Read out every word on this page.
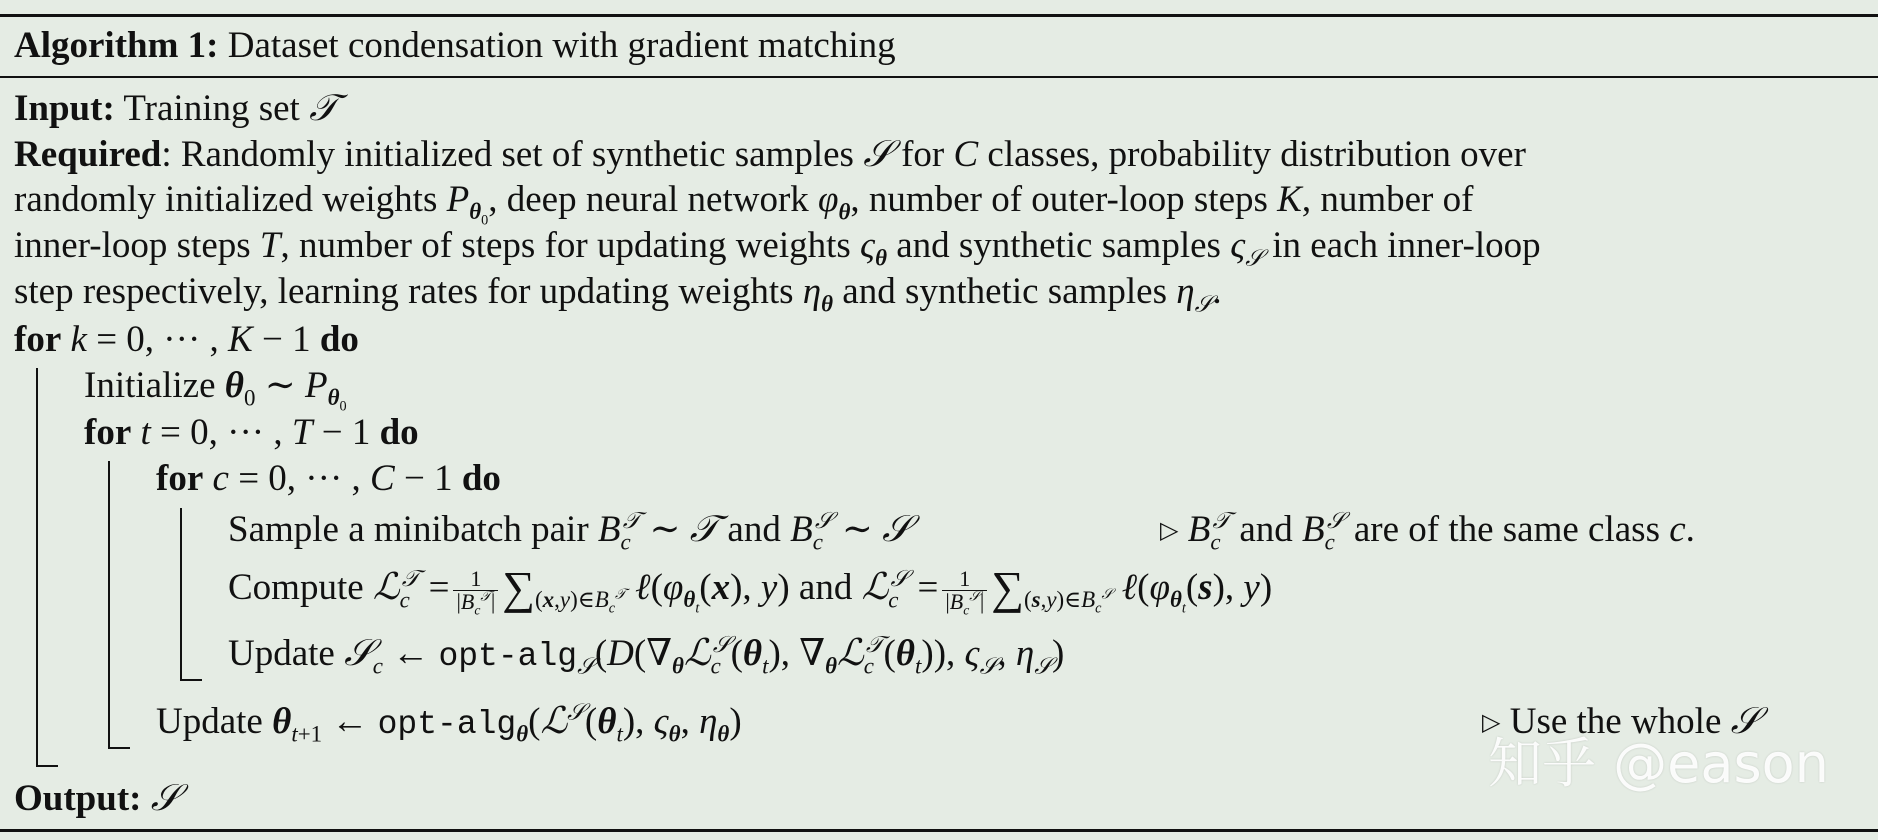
Algorithm 1: Dataset condensation with gradient matching
Input: Training set 𝒯
Required: Randomly initialized set of synthetic samples 𝒮 for C classes, probability distribution over
randomly initialized weights $P_{\theta_0}$, deep neural network $\varphi_\theta$, number of outer-loop steps K, number of
inner-loop steps T, number of steps for updating weights $\varsigma_\theta$ and synthetic samples $\varsigma_𝒮$ in each inner-loop
step respectively, learning rates for updating weights $\eta_\theta$ and synthetic samples $\eta_𝒮$.
for k = 0, ··· , K − 1 do
Initialize $\theta_0$ ∼ $P_{\theta_0}$
for t = 0, ··· , T − 1 do
for c = 0, ··· , C − 1 do
Sample a minibatch pair $B_c^𝒯$ ∼ 𝒯 and $B_c^𝒮$ ∼ 𝒮	▷ $B_c^𝒯$ and $B_c^𝒮$ are of the same class c.
Compute ℒ$_c^𝒯$ = $\frac{1}{|B_c^𝒯|} \sum_{(x,y)\in B_c^𝒯}$ $\ell(\varphi_{\theta_t}(x)$, y) and ℒ$_c^𝒮$ = $\frac{1}{|B_c^𝒮|} \sum_{(s,y)\in B_c^𝒮}$ $\ell(\varphi_{\theta_t}(s)$, y)
Update 𝒮$_c$ ← opt-$alg_𝒮(D(\nabla_\theta ℒ_c^𝒮(\theta_t)$, $\nabla_\theta ℒ_c^𝒯(\theta_t)$), $\varsigma_𝒮$, $\eta_𝒮$)
Update $\theta_{t+1}$ ← opt-$alg_\theta(ℒ^𝒮(\theta_t)$, $\varsigma_\theta$, $\eta_\theta$)	▷ Use the whole 𝒮
Output: 𝒮
知乎 @eason
